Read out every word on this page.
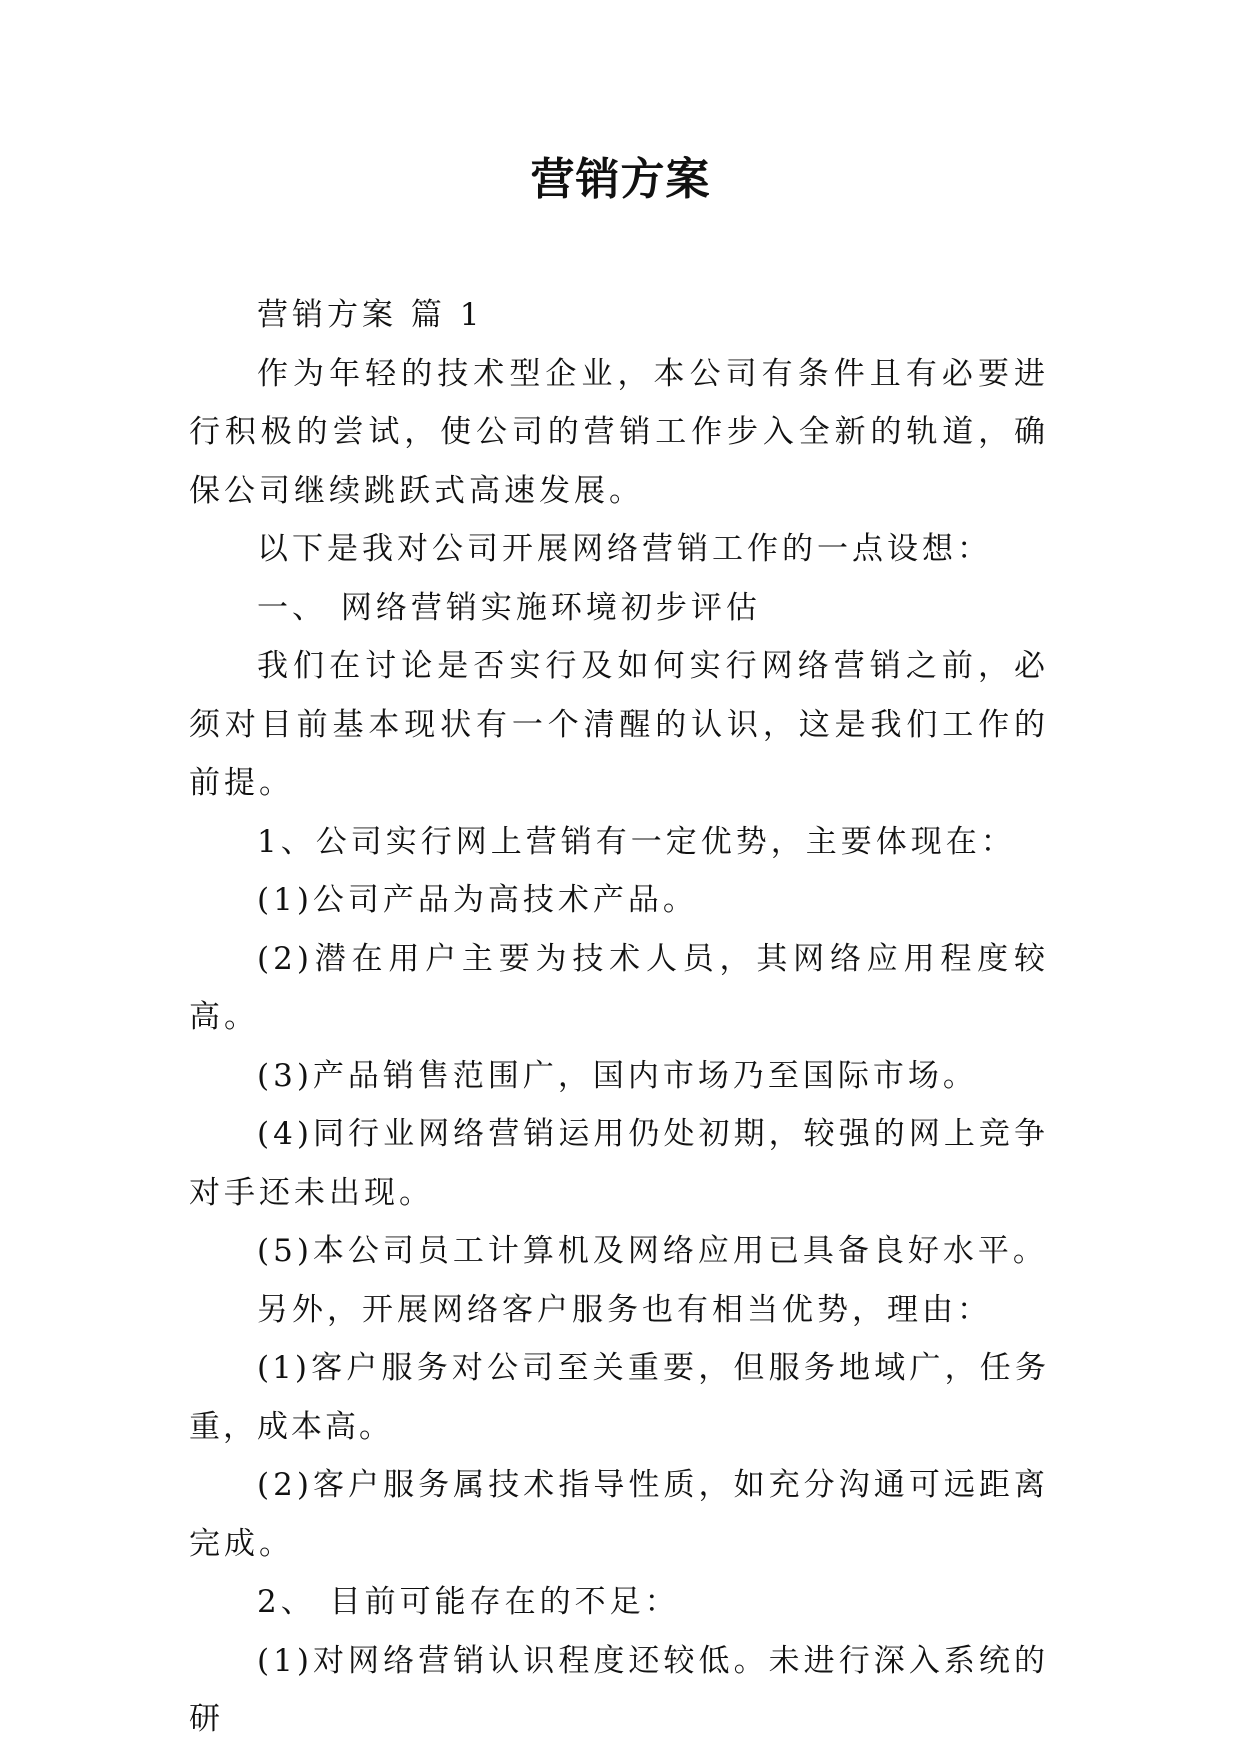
营销方案

营销方案 篇 1

作为年轻的技术型企业，本公司有条件且有必要进行积极的尝试，使公司的营销工作步入全新的轨道，确保公司继续跳跃式高速发展。

以下是我对公司开展网络营销工作的一点设想：

一、 网络营销实施环境初步评估

我们在讨论是否实行及如何实行网络营销之前，必须对目前基本现状有一个清醒的认识，这是我们工作的前提。

1、公司实行网上营销有一定优势，主要体现在：

(1)公司产品为高技术产品。

(2)潜在用户主要为技术人员，其网络应用程度较高。

(3)产品销售范围广，国内市场乃至国际市场。

(4)同行业网络营销运用仍处初期，较强的网上竞争对手还未出现。

(5)本公司员工计算机及网络应用已具备良好水平。

另外，开展网络客户服务也有相当优势，理由：

(1)客户服务对公司至关重要，但服务地域广，任务重，成本高。

(2)客户服务属技术指导性质，如充分沟通可远距离完成。

2、 目前可能存在的不足：

(1)对网络营销认识程度还较低。未进行深入系统的研
